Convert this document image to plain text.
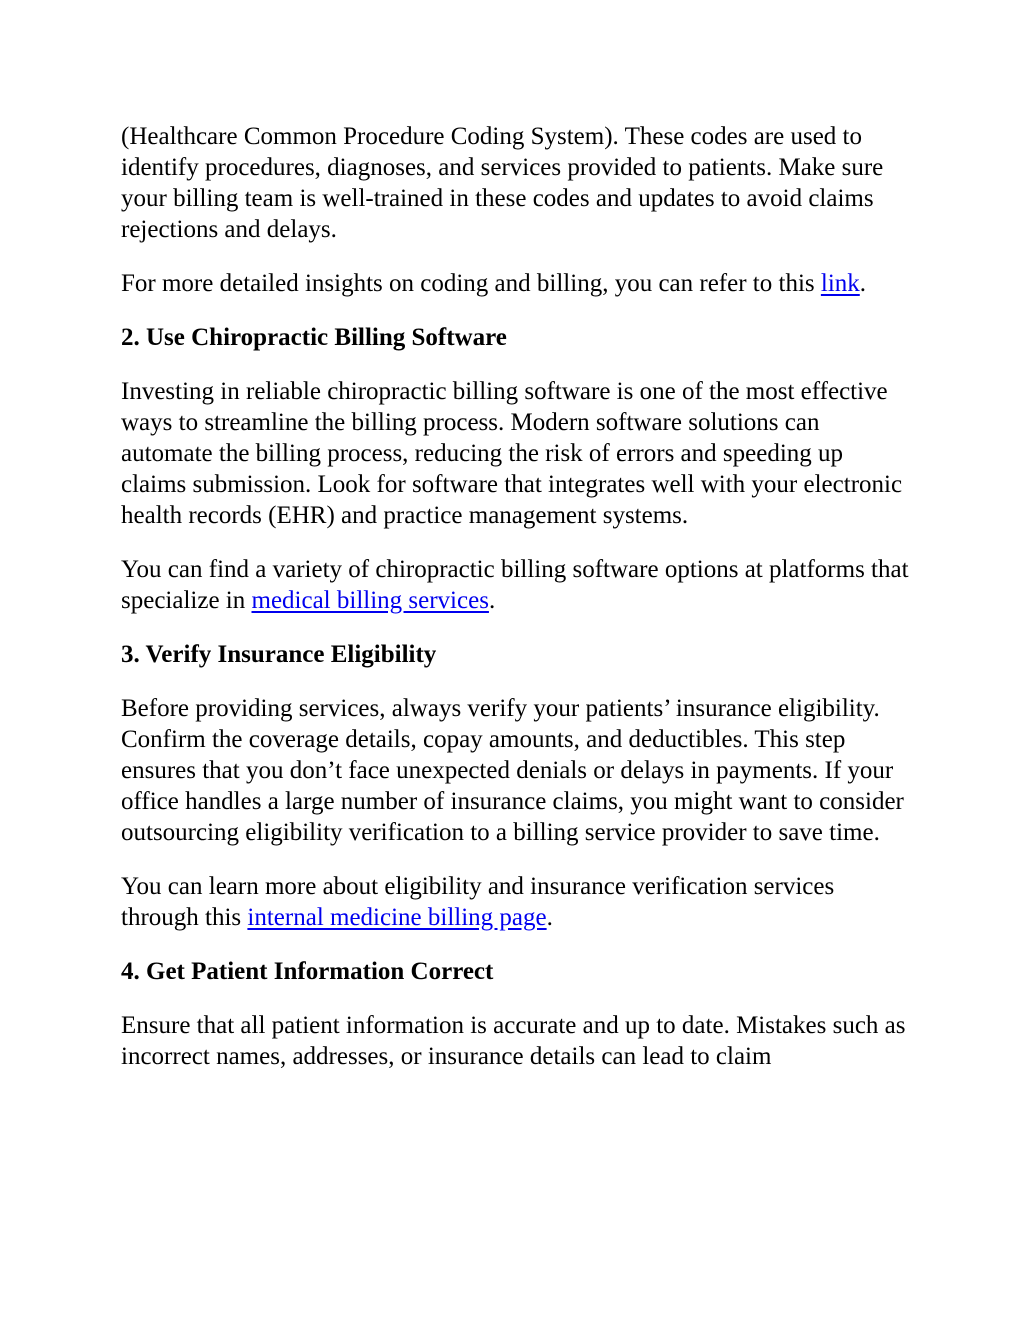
(Healthcare Common Procedure Coding System). These codes are used to identify procedures, diagnoses, and services provided to patients. Make sure your billing team is well-trained in these codes and updates to avoid claims rejections and delays.

For more detailed insights on coding and billing, you can refer to this link.

2. Use Chiropractic Billing Software

Investing in reliable chiropractic billing software is one of the most effective ways to streamline the billing process. Modern software solutions can automate the billing process, reducing the risk of errors and speeding up claims submission. Look for software that integrates well with your electronic health records (EHR) and practice management systems.

You can find a variety of chiropractic billing software options at platforms that specialize in medical billing services.

3. Verify Insurance Eligibility

Before providing services, always verify your patients’ insurance eligibility. Confirm the coverage details, copay amounts, and deductibles. This step ensures that you don’t face unexpected denials or delays in payments. If your office handles a large number of insurance claims, you might want to consider outsourcing eligibility verification to a billing service provider to save time.

You can learn more about eligibility and insurance verification services through this internal medicine billing page.

4. Get Patient Information Correct

Ensure that all patient information is accurate and up to date. Mistakes such as incorrect names, addresses, or insurance details can lead to claim
